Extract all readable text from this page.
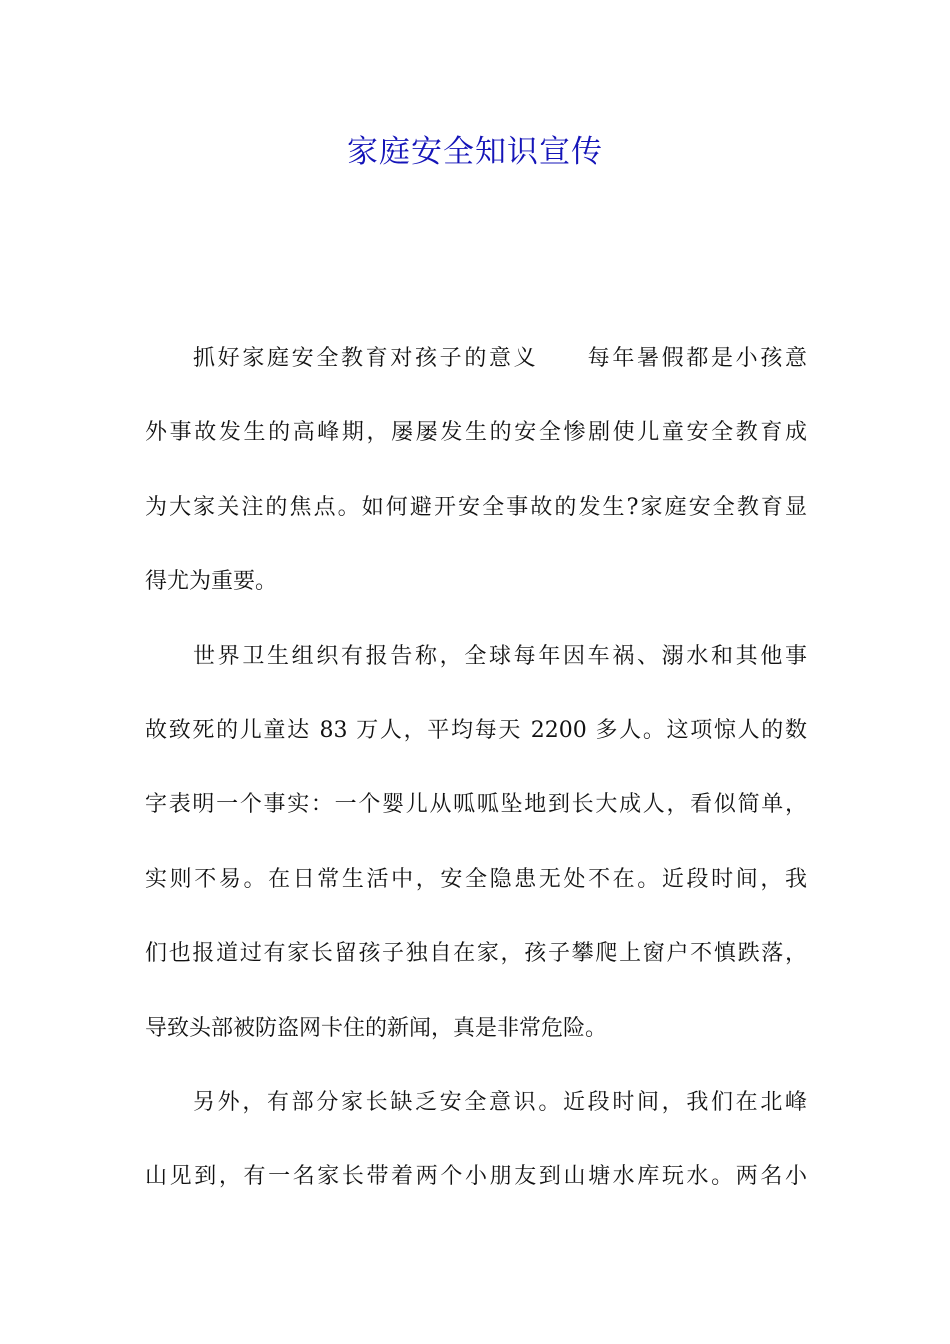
家庭安全知识宣传
抓好家庭安全教育对孩子的意义　　每年暑假都是小孩意
外事故发生的高峰期，屡屡发生的安全惨剧使儿童安全教育成
为大家关注的焦点。如何避开安全事故的发生?家庭安全教育显
得尤为重要。
世界卫生组织有报告称，全球每年因车祸、溺水和其他事
故致死的儿童达 83 万人，平均每天 2200 多人。这项惊人的数
字表明一个事实：一个婴儿从呱呱坠地到长大成人，看似简单，
实则不易。在日常生活中，安全隐患无处不在。近段时间，我
们也报道过有家长留孩子独自在家，孩子攀爬上窗户不慎跌落，
导致头部被防盗网卡住的新闻，真是非常危险。
另外，有部分家长缺乏安全意识。近段时间，我们在北峰
山见到，有一名家长带着两个小朋友到山塘水库玩水。两名小
